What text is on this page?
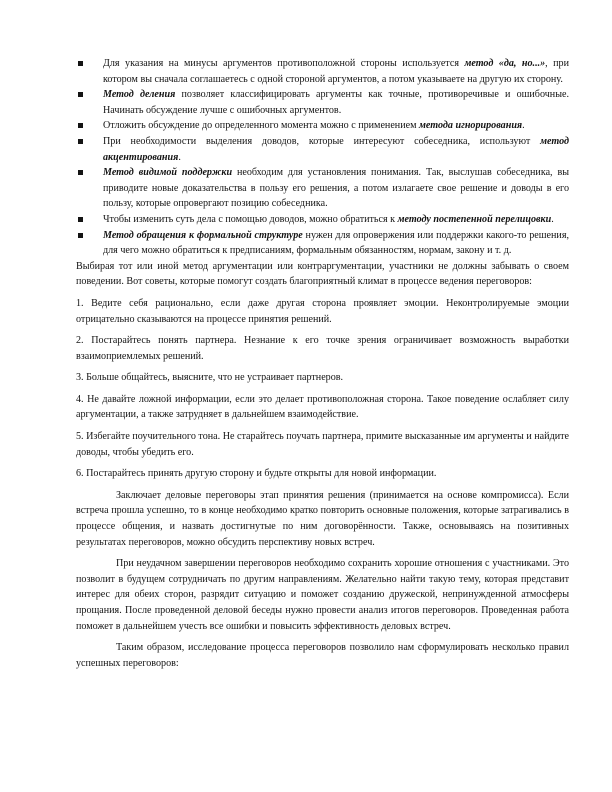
Для указания на минусы аргументов противоположной стороны используется метод «да, но...», при котором вы сначала соглашаетесь с одной стороной аргументов, а потом указываете на другую их сторону.
Метод деления позволяет классифицировать аргументы как точные, противоречивые и ошибочные. Начинать обсуждение лучше с ошибочных аргументов.
Отложить обсуждение до определенного момента можно с применением метода игнорирования.
При необходимости выделения доводов, которые интересуют собеседника, используют метод акцентирования.
Метод видимой поддержки необходим для установления понимания. Так, выслушав собеседника, вы приводите новые доказательства в пользу его решения, а потом излагаете свое решение и доводы в его пользу, которые опровергают позицию собеседника.
Чтобы изменить суть дела с помощью доводов, можно обратиться к методу постепенной перелицовки.
Метод обращения к формальной структуре нужен для опровержения или поддержки какого-то решения, для чего можно обратиться к предписаниям, формальным обязанностям, нормам, закону и т. д.

Выбирая тот или иной метод аргументации или контраргументации, участники не должны забывать о своем поведении. Вот советы, которые помогут создать благоприятный климат в процессе ведения переговоров:

1. Ведите себя рационально, если даже другая сторона проявляет эмоции. Неконтролируемые эмоции отрицательно сказываются на процессе принятия решений.

2. Постарайтесь понять партнера. Незнание к его точке зрения ограничивает возможность выработки взаимоприемлемых решений.

3. Больше общайтесь, выясните, что не устраивает партнеров.

4. Не давайте ложной информации, если это делает противоположная сторона. Такое поведение ослабляет силу аргументации, а также затрудняет в дальнейшем взаимодействие.

5. Избегайте поучительного тона. Не старайтесь поучать партнера, примите высказанные им аргументы и найдите доводы, чтобы убедить его.

6. Постарайтесь принять другую сторону и будьте открыты для новой информации.

Заключает деловые переговоры этап принятия решения (принимается на основе компромисса). Если встреча прошла успешно, то в конце необходимо кратко повторить основные положения, которые затрагивались в процессе общения, и назвать достигнутые по ним договорённости. Также, основываясь на позитивных результатах переговоров, можно обсудить перспективу новых встреч.

При неудачном завершении переговоров необходимо сохранить хорошие отношения с участниками. Это позволит в будущем сотрудничать по другим направлениям. Желательно найти такую тему, которая представит интерес для обеих сторон, разрядит ситуацию и поможет созданию дружеской, непринужденной атмосферы прощания. После проведенной деловой беседы нужно провести анализ итогов переговоров. Проведенная работа поможет в дальнейшем учесть все ошибки и повысить эффективность деловых встреч.

Таким образом, исследование процесса переговоров позволило нам сформулировать несколько правил успешных переговоров:
